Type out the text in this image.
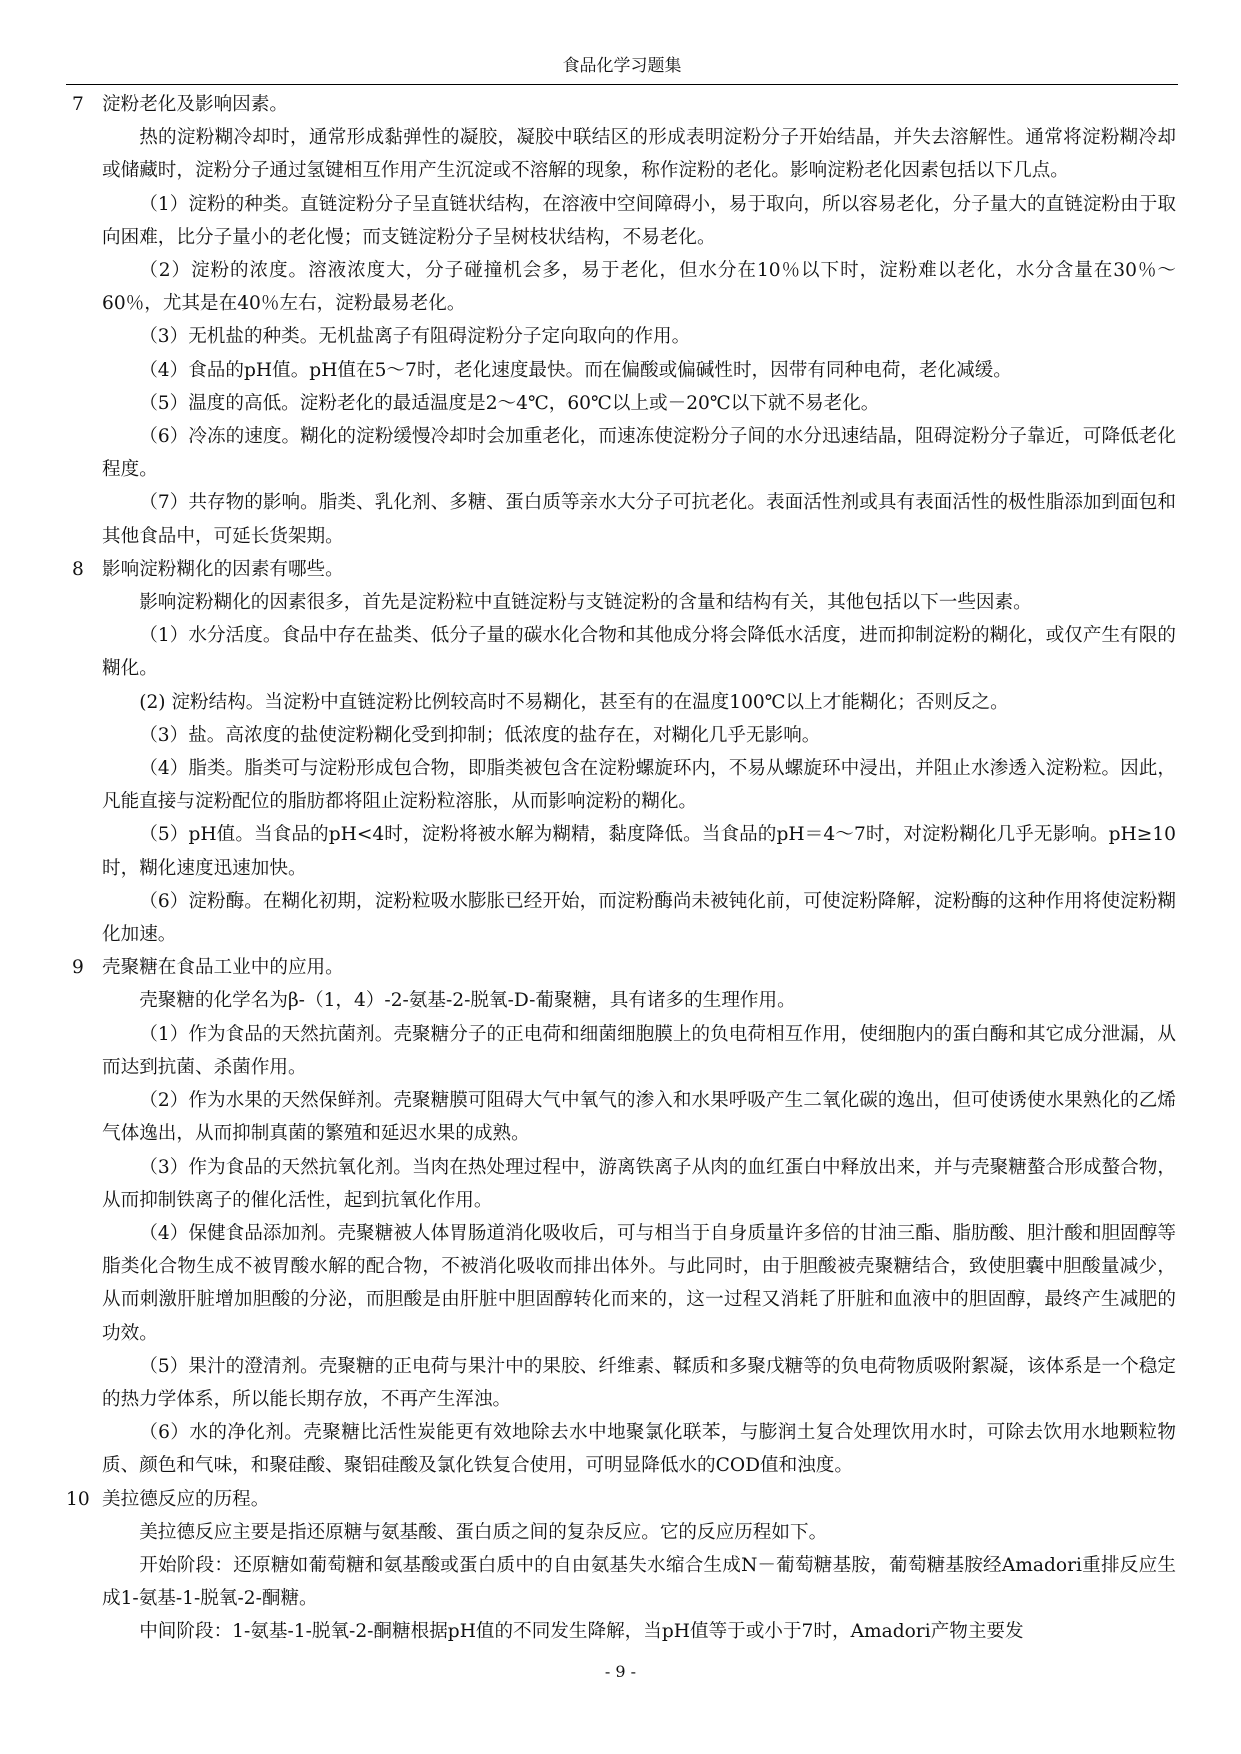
食品化学习题集
7 淀粉老化及影响因素。

热的淀粉糊冷却时，通常形成黏弹性的凝胶，凝胶中联结区的形成表明淀粉分子开始结晶，并失去溶解性。通常将淀粉糊冷却或储藏时，淀粉分子通过氢键相互作用产生沉淀或不溶解的现象，称作淀粉的老化。影响淀粉老化因素包括以下几点。

（1）淀粉的种类。直链淀粉分子呈直链状结构，在溶液中空间障碍小，易于取向，所以容易老化，分子量大的直链淀粉由于取向困难，比分子量小的老化慢；而支链淀粉分子呈树枝状结构，不易老化。

（2）淀粉的浓度。溶液浓度大，分子碰撞机会多，易于老化，但水分在10％以下时，淀粉难以老化，水分含量在30％～60％，尤其是在40％左右，淀粉最易老化。

（3）无机盐的种类。无机盐离子有阻碍淀粉分子定向取向的作用。

（4）食品的pH值。pH值在5～7时，老化速度最快。而在偏酸或偏碱性时，因带有同种电荷，老化减缓。

（5）温度的高低。淀粉老化的最适温度是2～4℃，60℃以上或－20℃以下就不易老化。

（6）冷冻的速度。糊化的淀粉缓慢冷却时会加重老化，而速冻使淀粉分子间的水分迅速结晶，阻碍淀粉分子靠近，可降低老化程度。

（7）共存物的影响。脂类、乳化剂、多糖、蛋白质等亲水大分子可抗老化。表面活性剂或具有表面活性的极性脂添加到面包和其他食品中，可延长货架期。

8 影响淀粉糊化的因素有哪些。

影响淀粉糊化的因素很多，首先是淀粉粒中直链淀粉与支链淀粉的含量和结构有关，其他包括以下一些因素。

（1）水分活度。食品中存在盐类、低分子量的碳水化合物和其他成分将会降低水活度，进而抑制淀粉的糊化，或仅产生有限的糊化。

(2) 淀粉结构。当淀粉中直链淀粉比例较高时不易糊化，甚至有的在温度100℃以上才能糊化；否则反之。

（3）盐。高浓度的盐使淀粉糊化受到抑制；低浓度的盐存在，对糊化几乎无影响。

（4）脂类。脂类可与淀粉形成包合物，即脂类被包含在淀粉螺旋环内，不易从螺旋环中浸出，并阻止水渗透入淀粉粒。因此，凡能直接与淀粉配位的脂肪都将阻止淀粉粒溶胀，从而影响淀粉的糊化。

（5）pH值。当食品的pH<4时，淀粉将被水解为糊精，黏度降低。当食品的pH＝4～7时，对淀粉糊化几乎无影响。pH≥10时，糊化速度迅速加快。

（6）淀粉酶。在糊化初期，淀粉粒吸水膨胀已经开始，而淀粉酶尚未被钝化前，可使淀粉降解，淀粉酶的这种作用将使淀粉糊化加速。

9 壳聚糖在食品工业中的应用。

壳聚糖的化学名为β-（1，4）-2-氨基-2-脱氧-D-葡聚糖，具有诸多的生理作用。

（1）作为食品的天然抗菌剂。壳聚糖分子的正电荷和细菌细胞膜上的负电荷相互作用，使细胞内的蛋白酶和其它成分泄漏，从而达到抗菌、杀菌作用。

（2）作为水果的天然保鲜剂。壳聚糖膜可阻碍大气中氧气的渗入和水果呼吸产生二氧化碳的逸出，但可使诱使水果熟化的乙烯气体逸出，从而抑制真菌的繁殖和延迟水果的成熟。

（3）作为食品的天然抗氧化剂。当肉在热处理过程中，游离铁离子从肉的血红蛋白中释放出来，并与壳聚糖螯合形成螯合物，从而抑制铁离子的催化活性，起到抗氧化作用。

（4）保健食品添加剂。壳聚糖被人体胃肠道消化吸收后，可与相当于自身质量许多倍的甘油三酯、脂肪酸、胆汁酸和胆固醇等脂类化合物生成不被胃酸水解的配合物，不被消化吸收而排出体外。与此同时，由于胆酸被壳聚糖结合，致使胆囊中胆酸量减少，从而刺激肝脏增加胆酸的分泌，而胆酸是由肝脏中胆固醇转化而来的，这一过程又消耗了肝脏和血液中的胆固醇，最终产生减肥的功效。

（5）果汁的澄清剂。壳聚糖的正电荷与果汁中的果胶、纤维素、鞣质和多聚戊糖等的负电荷物质吸附絮凝，该体系是一个稳定的热力学体系，所以能长期存放，不再产生浑浊。

（6）水的净化剂。壳聚糖比活性炭能更有效地除去水中地聚氯化联苯，与膨润土复合处理饮用水时，可除去饮用水地颗粒物质、颜色和气味，和聚硅酸、聚铝硅酸及氯化铁复合使用，可明显降低水的COD值和浊度。

10 美拉德反应的历程。

美拉德反应主要是指还原糖与氨基酸、蛋白质之间的复杂反应。它的反应历程如下。

开始阶段：还原糖如葡萄糖和氨基酸或蛋白质中的自由氨基失水缩合生成N－葡萄糖基胺，葡萄糖基胺经Amadori重排反应生成1-氨基-1-脱氧-2-酮糖。

中间阶段：1-氨基-1-脱氧-2-酮糖根据pH值的不同发生降解，当pH值等于或小于7时，Amadori产物主要发

- 9 -
